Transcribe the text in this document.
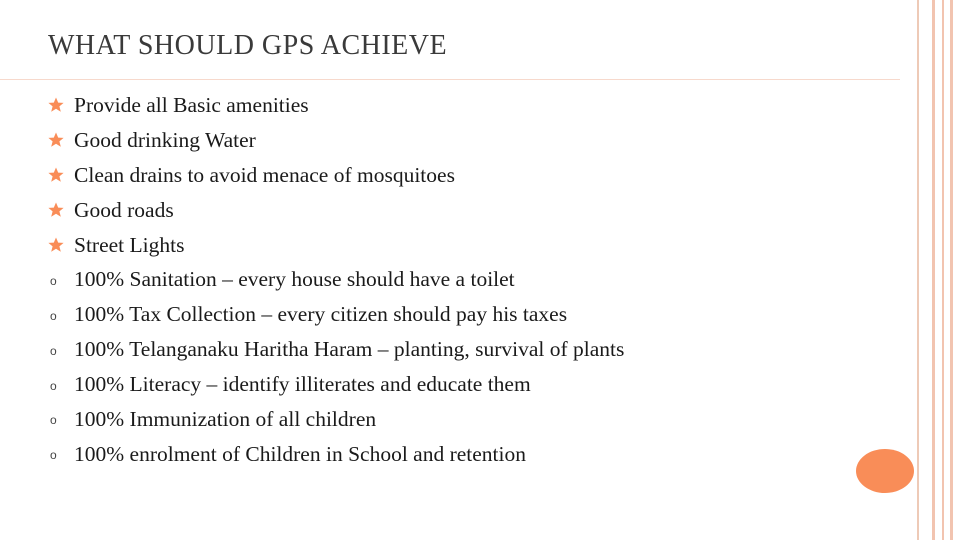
WHAT SHOULD GPS ACHIEVE
Provide all Basic amenities
Good drinking Water
Clean drains to avoid menace of mosquitoes
Good roads
Street Lights
o 100% Sanitation – every house should have a toilet
o 100% Tax Collection – every citizen should pay his taxes
o 100% Telanganaku Haritha Haram – planting, survival of plants
o 100% Literacy – identify illiterates and educate them
o 100% Immunization of all children
o 100% enrolment of Children in School and retention
